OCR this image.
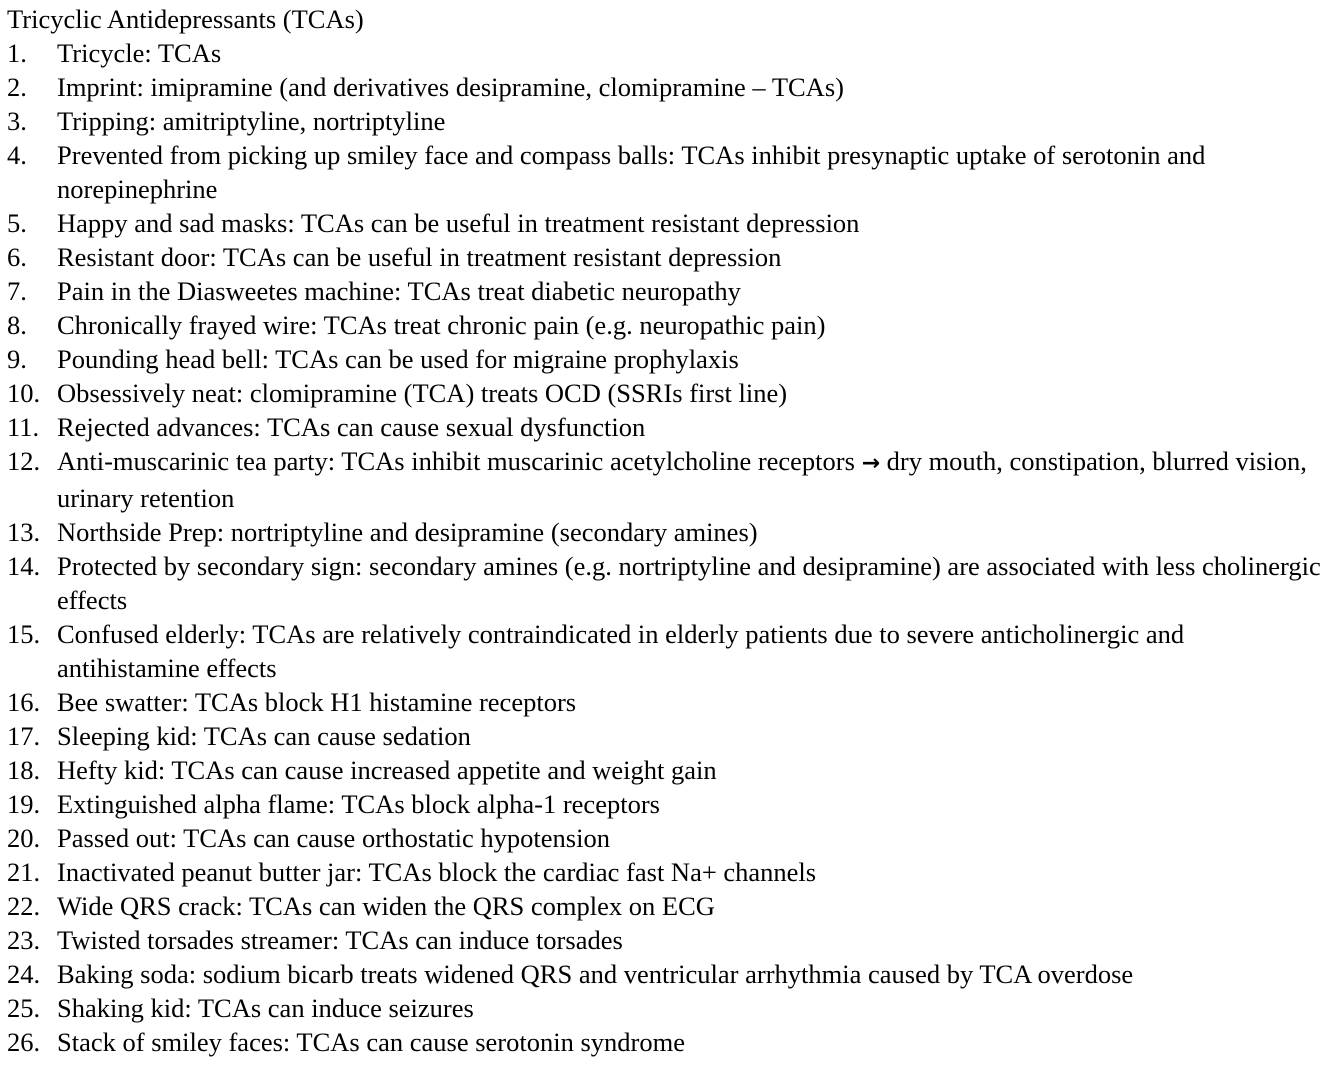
Tricyclic Antidepressants (TCAs)
1.	Tricycle: TCAs
2.	Imprint: imipramine (and derivatives desipramine, clomipramine – TCAs)
3.	Tripping: amitriptyline, nortriptyline
4.	Prevented from picking up smiley face and compass balls: TCAs inhibit presynaptic uptake of serotonin and norepinephrine
5.	Happy and sad masks: TCAs can be useful in treatment resistant depression
6.	Resistant door: TCAs can be useful in treatment resistant depression
7.	Pain in the Diasweetes machine: TCAs treat diabetic neuropathy
8.	Chronically frayed wire: TCAs treat chronic pain (e.g. neuropathic pain)
9.	Pounding head bell: TCAs can be used for migraine prophylaxis
10. Obsessively neat: clomipramine (TCA) treats OCD (SSRIs first line)
11. Rejected advances: TCAs can cause sexual dysfunction
12. Anti-muscarinic tea party: TCAs inhibit muscarinic acetylcholine receptors → dry mouth, constipation, blurred vision, urinary retention
13. Northside Prep: nortriptyline and desipramine (secondary amines)
14. Protected by secondary sign: secondary amines (e.g. nortriptyline and desipramine) are associated with less cholinergic effects
15. Confused elderly: TCAs are relatively contraindicated in elderly patients due to severe anticholinergic and antihistamine effects
16. Bee swatter: TCAs block H1 histamine receptors
17. Sleeping kid: TCAs can cause sedation
18. Hefty kid: TCAs can cause increased appetite and weight gain
19. Extinguished alpha flame: TCAs block alpha-1 receptors
20. Passed out: TCAs can cause orthostatic hypotension
21. Inactivated peanut butter jar: TCAs block the cardiac fast Na+ channels
22. Wide QRS crack: TCAs can widen the QRS complex on ECG
23. Twisted torsades streamer: TCAs can induce torsades
24. Baking soda: sodium bicarb treats widened QRS and ventricular arrhythmia caused by TCA overdose
25. Shaking kid: TCAs can induce seizures
26. Stack of smiley faces: TCAs can cause serotonin syndrome
